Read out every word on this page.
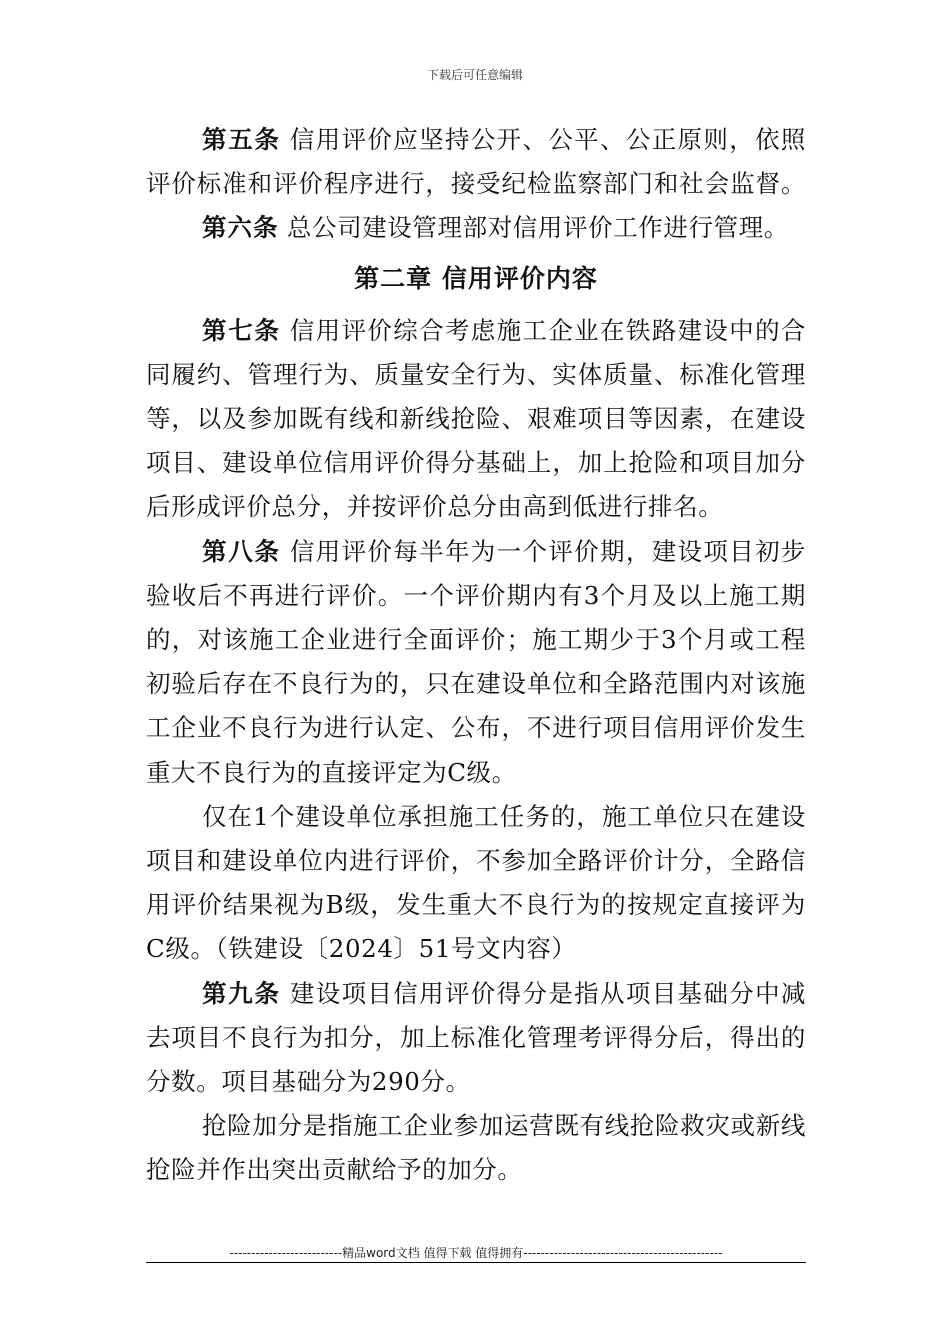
下载后可任意编辑
第五条 信用评价应坚持公开、公平、公正原则，依照评价标准和评价程序进行，接受纪检监察部门和社会监督。
第六条 总公司建设管理部对信用评价工作进行管理。
第二章 信用评价内容
第七条 信用评价综合考虑施工企业在铁路建设中的合同履约、管理行为、质量安全行为、实体质量、标准化管理等，以及参加既有线和新线抢险、艰难项目等因素，在建设项目、建设单位信用评价得分基础上，加上抢险和项目加分后形成评价总分，并按评价总分由高到低进行排名。
第八条 信用评价每半年为一个评价期，建设项目初步验收后不再进行评价。一个评价期内有3个月及以上施工期的，对该施工企业进行全面评价；施工期少于3个月或工程初验后存在不良行为的，只在建设单位和全路范围内对该施工企业不良行为进行认定、公布，不进行项目信用评价发生重大不良行为的直接评定为C级。
仅在1个建设单位承担施工任务的，施工单位只在建设项目和建设单位内进行评价，不参加全路评价计分，全路信用评价结果视为B级，发生重大不良行为的按规定直接评为C级。（铁建设〔2024〕51号文内容）
第九条 建设项目信用评价得分是指从项目基础分中减去项目不良行为扣分，加上标准化管理考评得分后，得出的分数。项目基础分为290分。
抢险加分是指施工企业参加运营既有线抢险救灾或新线抢险并作出突出贡献给予的加分。
--------------------------精品word文档 值得下载 值得拥有----------------------------------------------
